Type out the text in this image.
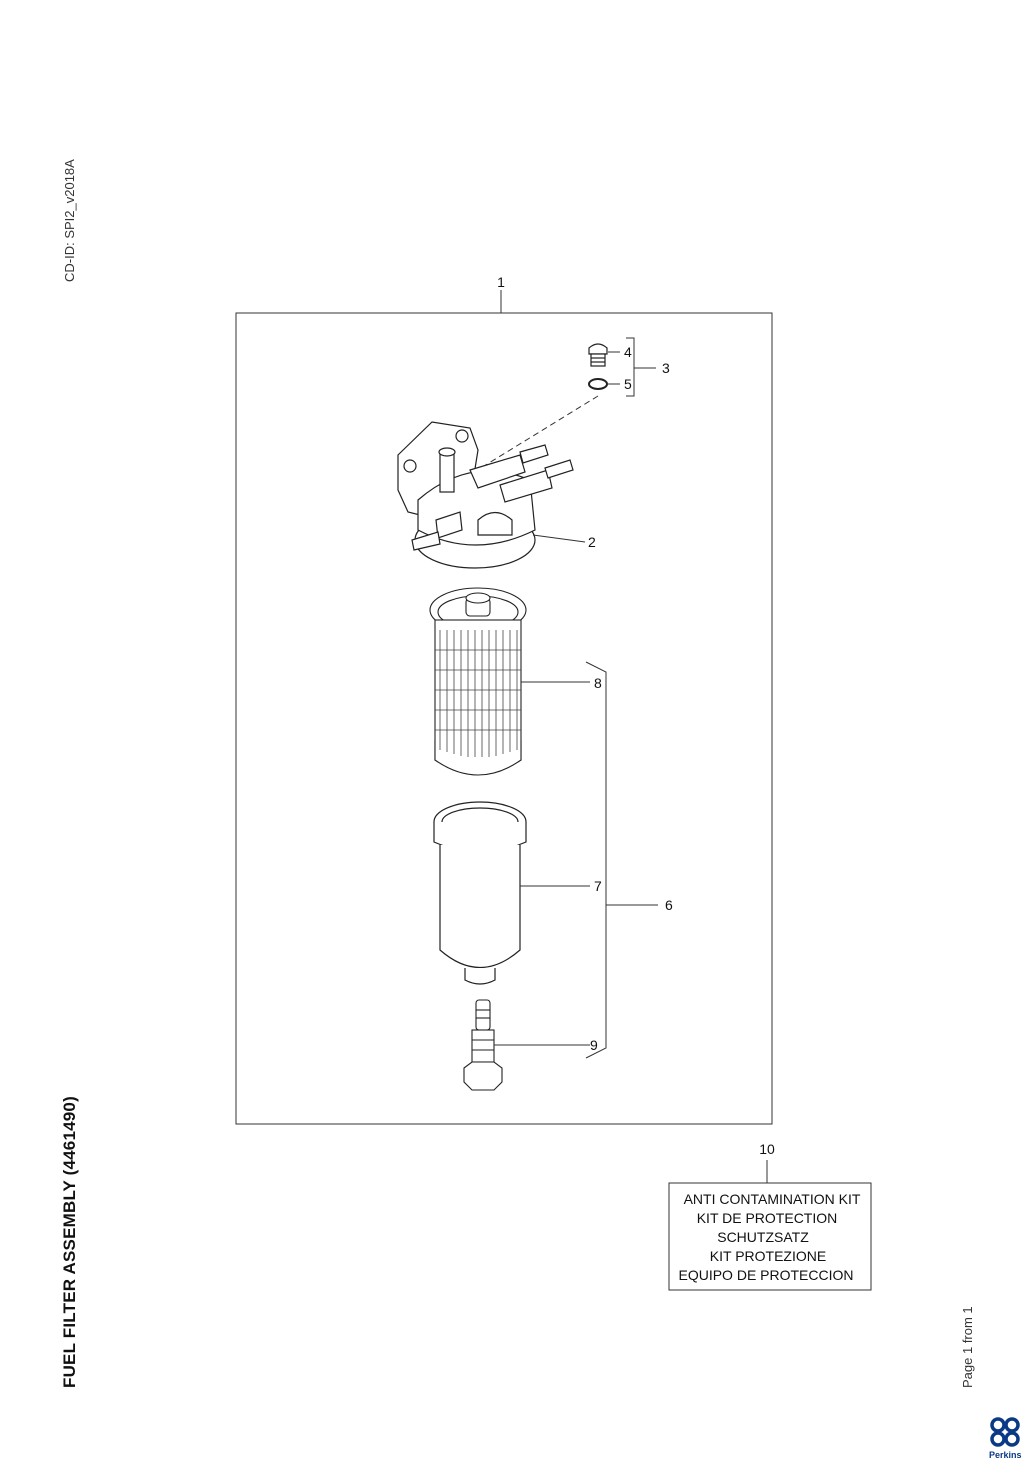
CD-ID: SPI2_v2018A
FUEL FILTER ASSEMBLY (4461490)	Page 1 from 1
1
4
5
3
2
8
7
9
6
10
ANTI CONTAMINATION KIT
KIT DE PROTECTION
SCHUTZSATZ
KIT PROTEZIONE
EQUIPO DE PROTECCION
Perkins
